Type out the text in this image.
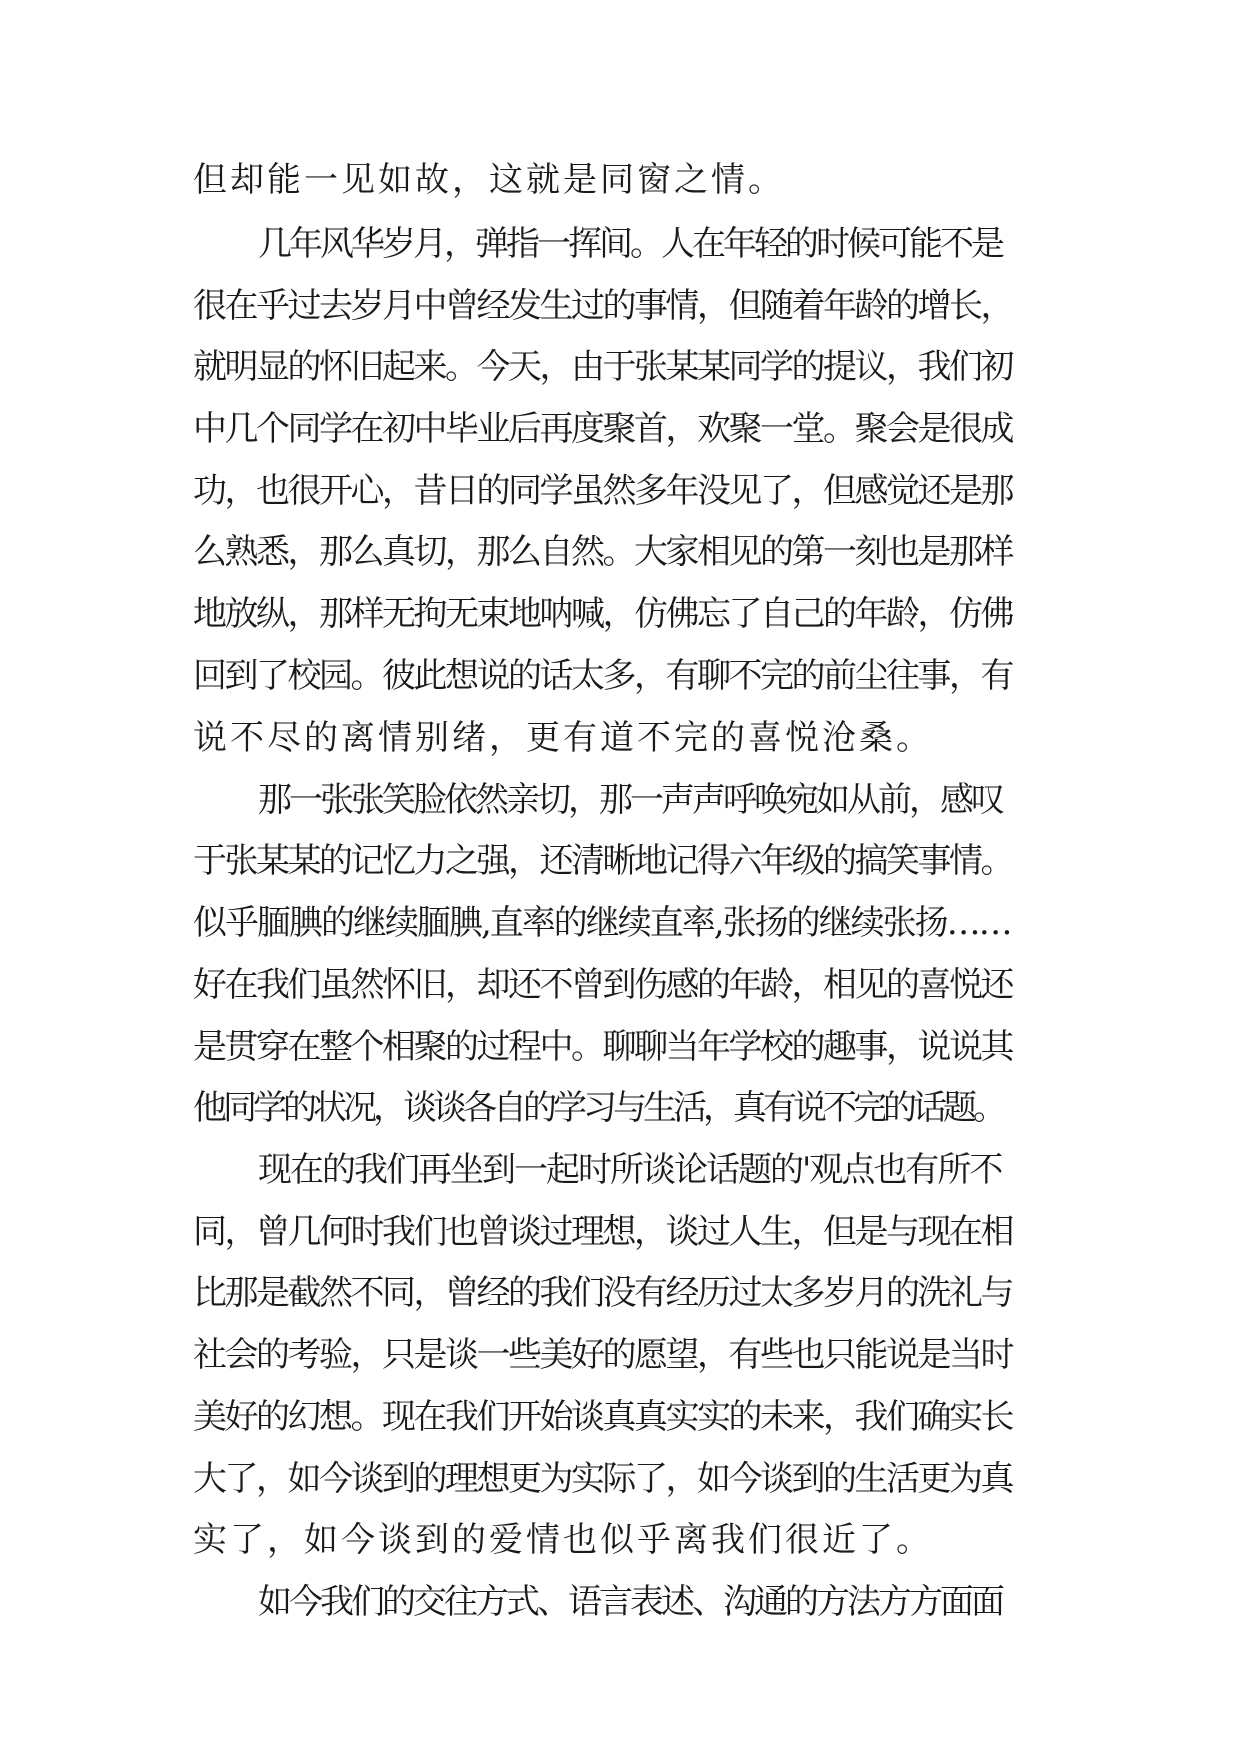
但却能一见如故，这就是同窗之情。
几年风华岁月，弹指一挥间。人在年轻的时候可能不是
很在乎过去岁月中曾经发生过的事情，但随着年龄的增长，
就明显的怀旧起来。今天，由于张某某同学的提议，我们初
中几个同学在初中毕业后再度聚首，欢聚一堂。聚会是很成
功，也很开心，昔日的同学虽然多年没见了，但感觉还是那
么熟悉，那么真切，那么自然。大家相见的第一刻也是那样
地放纵，那样无拘无束地呐喊，仿佛忘了自己的年龄，仿佛
回到了校园。彼此想说的话太多，有聊不完的前尘往事，有
说不尽的离情别绪，更有道不完的喜悦沧桑。
那一张张笑脸依然亲切，那一声声呼唤宛如从前，感叹
于张某某的记忆力之强，还清晰地记得六年级的搞笑事情。
似乎腼腆的继续腼腆,直率的继续直率,张扬的继续张扬……
好在我们虽然怀旧，却还不曾到伤感的年龄，相见的喜悦还
是贯穿在整个相聚的过程中。聊聊当年学校的趣事，说说其
他同学的状况，谈谈各自的学习与生活，真有说不完的话题。
现在的我们再坐到一起时所谈论话题的'观点也有所不
同，曾几何时我们也曾谈过理想，谈过人生，但是与现在相
比那是截然不同，曾经的我们没有经历过太多岁月的洗礼与
社会的考验，只是谈一些美好的愿望，有些也只能说是当时
美好的幻想。现在我们开始谈真真实实的未来，我们确实长
大了，如今谈到的理想更为实际了，如今谈到的生活更为真
实了，如今谈到的爱情也似乎离我们很近了。
如今我们的交往方式、语言表述、沟通的方法方方面面
